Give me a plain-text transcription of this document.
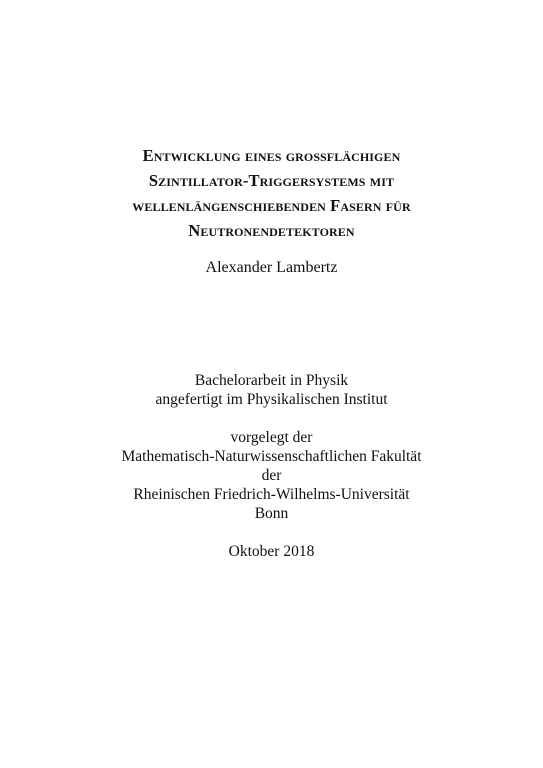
Entwicklung eines großflächigen
Szintillator-Triggersystems mit
wellenlängenschiebenden Fasern für
Neutronendetektoren
Alexander Lambertz
Bachelorarbeit in Physik
angefertigt im Physikalischen Institut
vorgelegt der
Mathematisch-Naturwissenschaftlichen Fakultät
der
Rheinischen Friedrich-Wilhelms-Universität
Bonn
Oktober 2018
